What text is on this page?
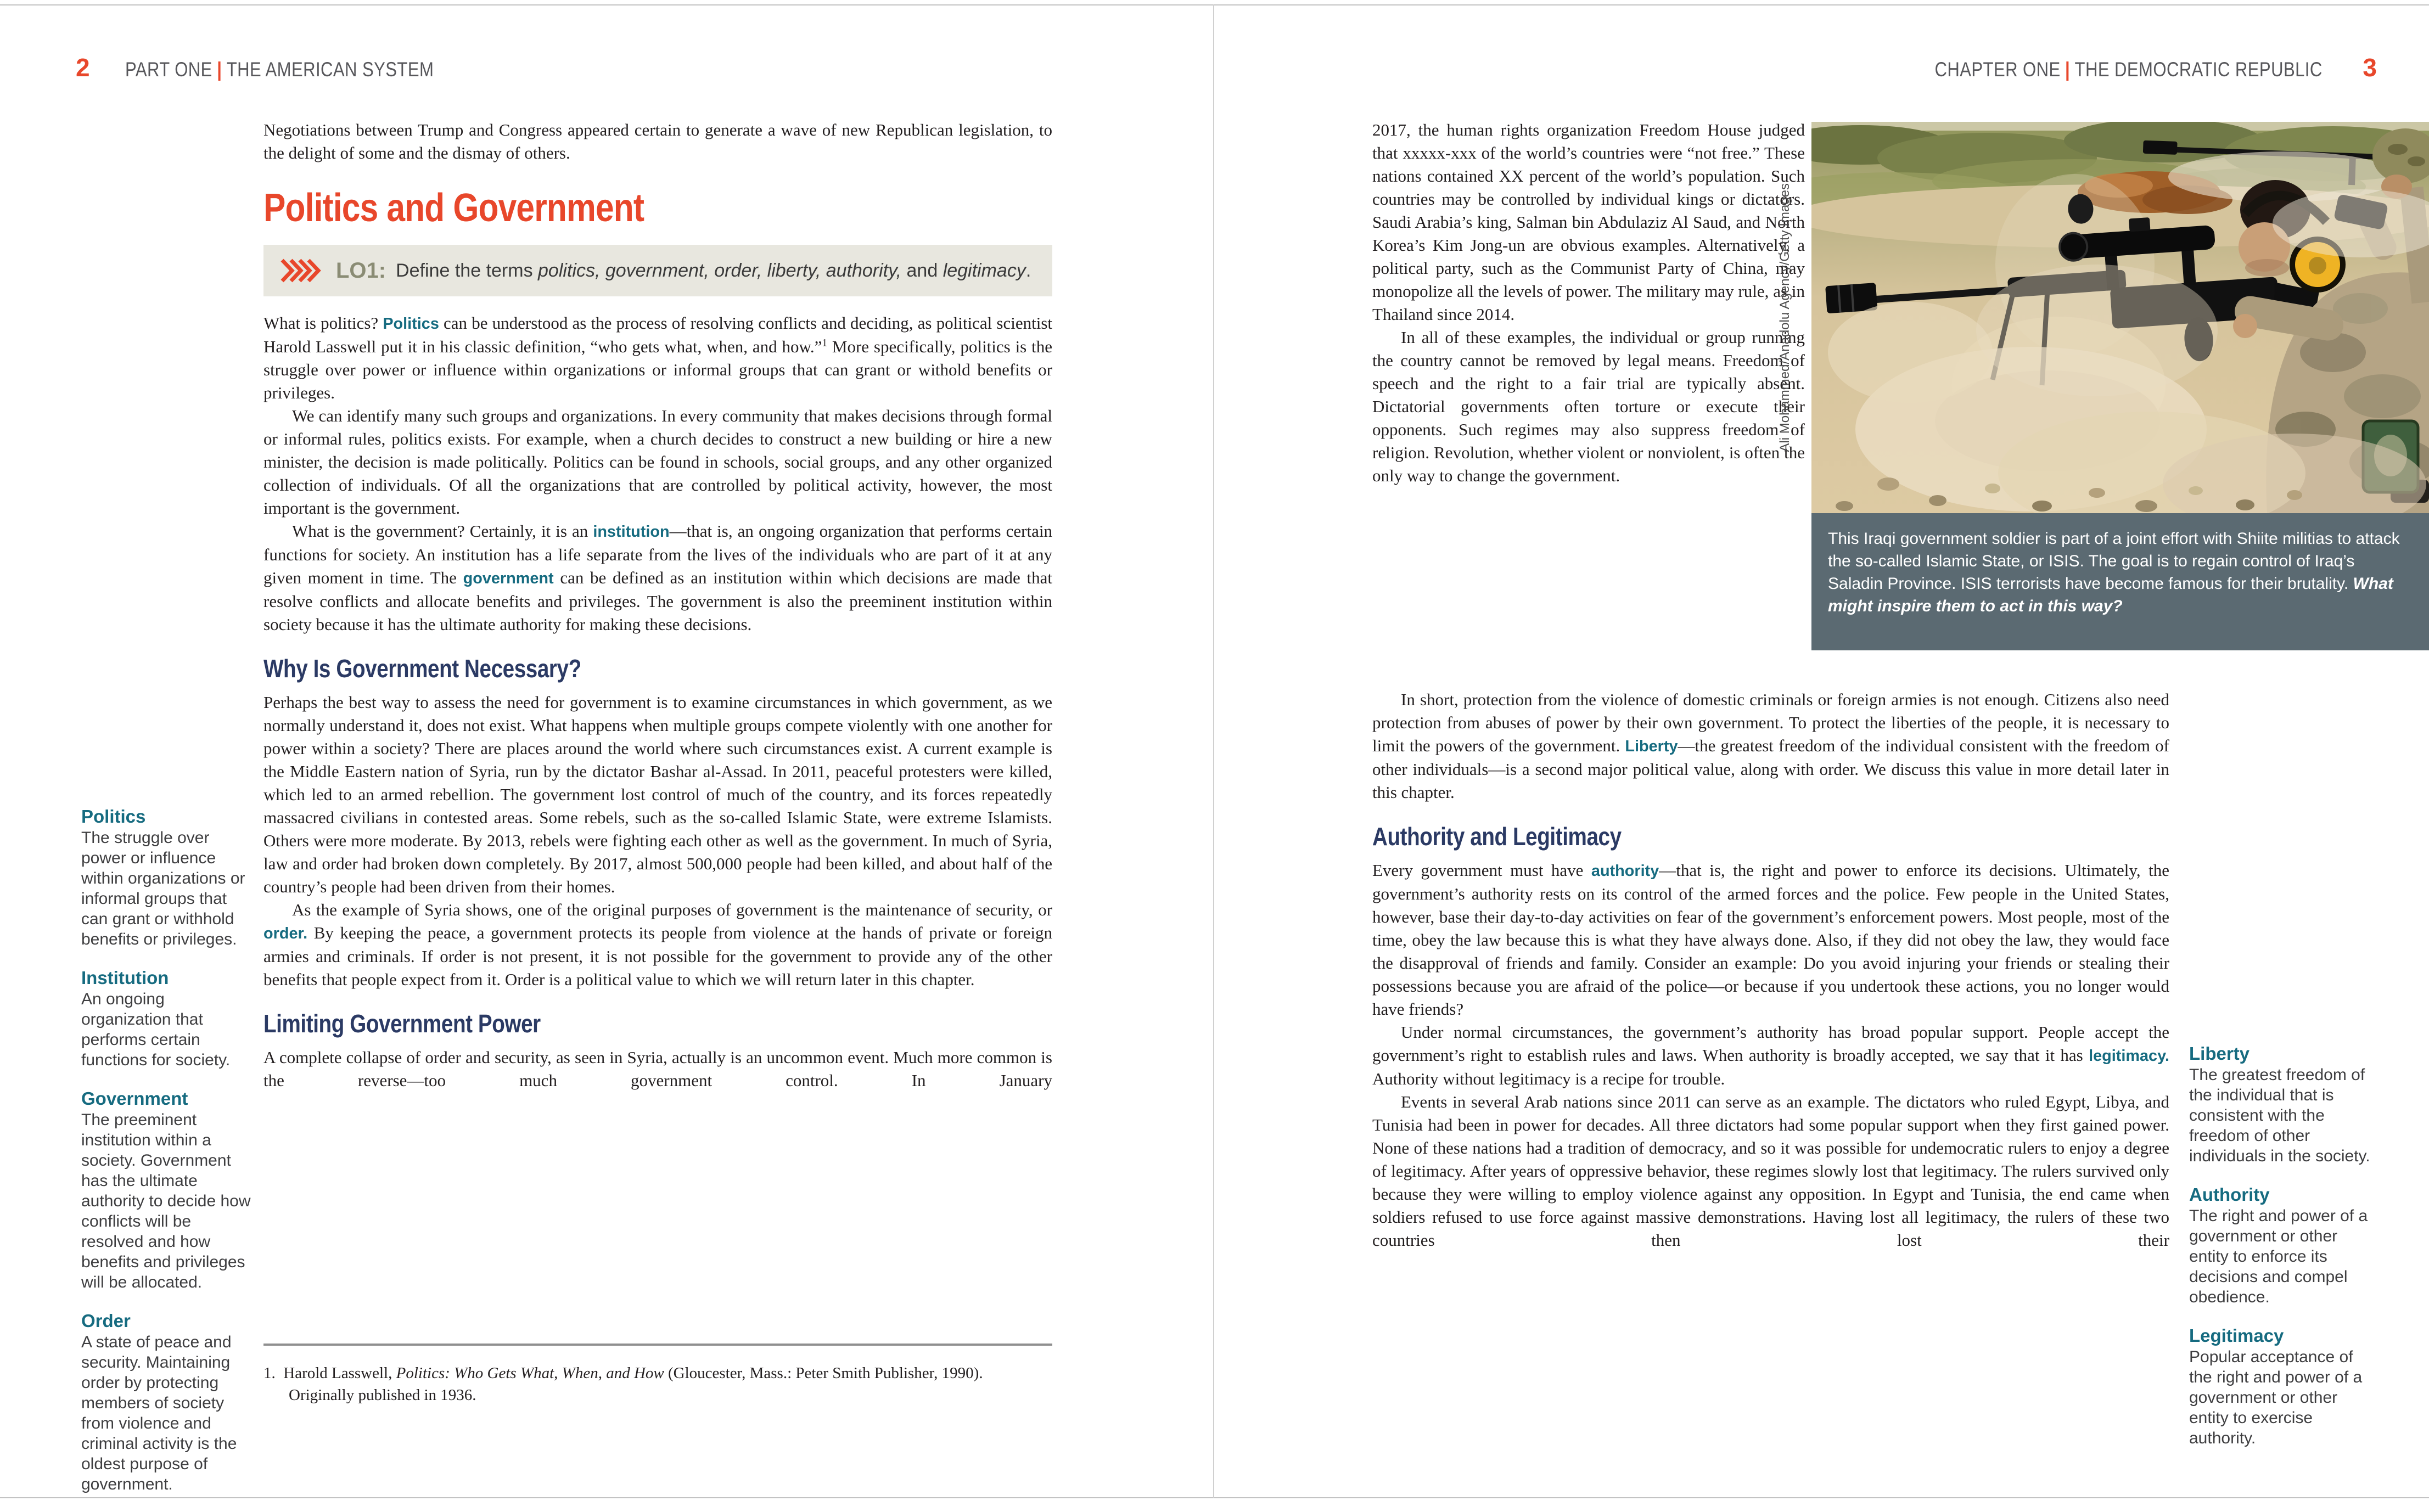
2 PART ONE | THE AMERICAN SYSTEM

Negotiations between Trump and Congress appeared certain to generate a wave of new Republican legislation, to the delight of some and the dismay of others.

Politics and Government
LO1: Define the terms politics, government, order, liberty, authority, and legitimacy.

What is politics? Politics can be understood as the process of resolving conflicts and deciding, as political scientist Harold Lasswell put it in his classic definition, “who gets what, when, and how.”$^1$ More specifically, politics is the struggle over power or influence within organizations or informal groups that can grant or withold benefits or privileges.

We can identify many such groups and organizations. In every community that makes decisions through formal or informal rules, politics exists. For example, when a church decides to construct a new building or hire a new minister, the decision is made politically. Politics can be found in schools, social groups, and any other organized collection of individuals. Of all the organizations that are controlled by political activity, however, the most important is the government.

What is the government? Certainly, it is an institution—that is, an ongoing organization that performs certain functions for society. An institution has a life separate from the lives of the individuals who are part of it at any given moment in time. The government can be defined as an institution within which decisions are made that resolve conflicts and allocate benefits and privileges. The government is also the preeminent institution within society because it has the ultimate authority for making these decisions.

Why Is Government Necessary?

Perhaps the best way to assess the need for government is to examine circumstances in which government, as we normally understand it, does not exist. What happens when multiple groups compete violently with one another for power within a society? There are places around the world where such circumstances exist. A current example is the Middle Eastern nation of Syria, run by the dictator Bashar al-Assad. In 2011, peaceful protesters were killed, which led to an armed rebellion. The government lost control of much of the country, and its forces repeatedly massacred civilians in contested areas. Some rebels, such as the so-called Islamic State, were extreme Islamists. Others were more moderate. By 2013, rebels were fighting each other as well as the government. In much of Syria, law and order had broken down completely. By 2017, almost 500,000 people had been killed, and about half of the country’s people had been driven from their homes.

As the example of Syria shows, one of the original purposes of government is the maintenance of security, or order. By keeping the peace, a government protects its people from violence at the hands of private or foreign armies and criminals. If order is not present, it is not possible for the government to provide any of the other benefits that people expect from it. Order is a political value to which we will return later in this chapter.

Limiting Government Power

A complete collapse of order and security, as seen in Syria, actually is an uncommon event. Much more common is the reverse—too much government control. In January

Politics
The struggle over power or influence within organizations or informal groups that can grant or withhold benefits or privileges.
Institution
An ongoing organization that performs certain functions for society.
Government
The preeminent institution within a society. Government has the ultimate authority to decide how conflicts will be resolved and how benefits and privileges will be allocated.
Order
A state of peace and security. Maintaining order by protecting members of society from violence and criminal activity is the oldest purpose of government.

1. Harold Lasswell, Politics: Who Gets What, When, and How (Gloucester, Mass.: Peter Smith Publisher, 1990). Originally published in 1936.

CHAPTER ONE | THE DEMOCRATIC REPUBLIC 3

2017, the human rights organization Freedom House judged that xxxxx-xxx of the world’s countries were “not free.” These nations contained XX percent of the world’s population. Such countries may be controlled by individual kings or dictators. Saudi Arabia’s king, Salman bin Abdulaziz Al Saud, and North Korea’s Kim Jong-un are obvious examples. Alternatively, a political party, such as the Communist Party of China, may monopolize all the levels of power. The military may rule, as in Thailand since 2014.

In all of these examples, the individual or group running the country cannot be removed by legal means. Freedom of speech and the right to a fair trial are typically absent. Dictatorial governments often torture or execute their opponents. Such regimes may also suppress freedom of religion. Revolution, whether violent or nonviolent, is often the only way to change the government.

Ali Mohammed/Anadolu Agency/Getty Images
This Iraqi government soldier is part of a joint effort with Shiite militias to attack the so-called Islamic State, or ISIS. The goal is to regain control of Iraq’s Saladin Province. ISIS terrorists have become famous for their brutality. What might inspire them to act in this way?

In short, protection from the violence of domestic criminals or foreign armies is not enough. Citizens also need protection from abuses of power by their own government. To protect the liberties of the people, it is necessary to limit the powers of the government. Liberty—the greatest freedom of the individual consistent with the freedom of other individuals—is a second major political value, along with order. We discuss this value in more detail later in this chapter.

Authority and Legitimacy

Every government must have authority—that is, the right and power to enforce its decisions. Ultimately, the government’s authority rests on its control of the armed forces and the police. Few people in the United States, however, base their day-to-day activities on fear of the government’s enforcement powers. Most people, most of the time, obey the law because this is what they have always done. Also, if they did not obey the law, they would face the disapproval of friends and family. Consider an example: Do you avoid injuring your friends or stealing their possessions because you are afraid of the police—or because if you undertook these actions, you no longer would have friends?

Under normal circumstances, the government’s authority has broad popular support. People accept the government’s right to establish rules and laws. When authority is broadly accepted, we say that it has legitimacy. Authority without legitimacy is a recipe for trouble.

Events in several Arab nations since 2011 can serve as an example. The dictators who ruled Egypt, Libya, and Tunisia had been in power for decades. All three dictators had some popular support when they first gained power. None of these nations had a tradition of democracy, and so it was possible for undemocratic rulers to enjoy a degree of legitimacy. After years of oppressive behavior, these regimes slowly lost that legitimacy. The rulers survived only because they were willing to employ violence against any opposition. In Egypt and Tunisia, the end came when soldiers refused to use force against massive demonstrations. Having lost all legitimacy, the rulers of these two countries then lost their

Liberty
The greatest freedom of the individual that is consistent with the freedom of other individuals in the society.
Authority
The right and power of a government or other entity to enforce its decisions and compel obedience.
Legitimacy
Popular acceptance of the right and power of a government or other entity to exercise authority.
